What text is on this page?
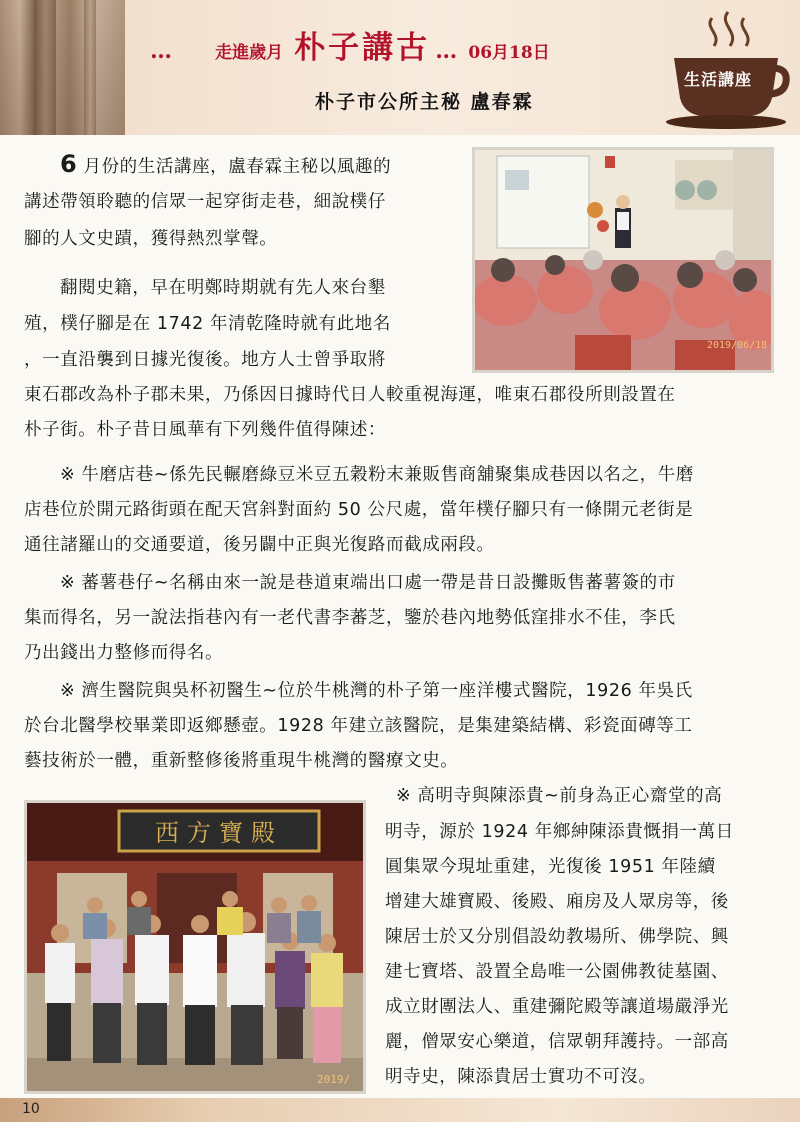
… 走進歲月 朴子講古 … 06月18日
朴子市公所主秘 盧春霖
生活講座
2019/06/18

6 月份的生活講座，盧春霖主秘以風趣的

講述帶領聆聽的信眾一起穿街走巷，細說樸仔

腳的人文史蹟，獲得熱烈掌聲。

翻閱史籍，早在明鄭時期就有先人來台墾

殖，樸仔腳是在 1742 年清乾隆時就有此地名

，一直沿襲到日據光復後。地方人士曾爭取將

東石郡改為朴子郡未果，乃係因日據時代日人較重視海運，唯東石郡役所則設置在

朴子街。朴子昔日風華有下列幾件值得陳述：

※ 牛磨店巷~係先民輾磨綠豆米豆五穀粉末兼販售商舖聚集成巷因以名之，牛磨

店巷位於開元路街頭在配天宮斜對面約 50 公尺處，當年樸仔腳只有一條開元老街是

通往諸羅山的交通要道，後另闢中正與光復路而截成兩段。

※ 蕃薯巷仔~名稱由來一說是巷道東端出口處一帶是昔日設攤販售蕃薯簽的市

集而得名，另一說法指巷內有一老代書李蕃芝，鑒於巷內地勢低窪排水不佳，李氏

乃出錢出力整修而得名。

※ 濟生醫院與吳杯初醫生~位於牛桃灣的朴子第一座洋樓式醫院，1926 年吳氏

於台北醫學校畢業即返鄉懸壺。1928 年建立該醫院，是集建築結構、彩瓷面磚等工

藝技術於一體，重新整修後將重現牛桃灣的醫療文史。

※ 高明寺與陳添貴~前身為正心齋堂的高

明寺，源於 1924 年鄉紳陳添貴慨捐一萬日

圓集眾今現址重建，光復後 1951 年陸續

增建大雄寶殿、後殿、廂房及人眾房等，後

陳居士於又分別倡設幼教場所、佛學院、興

建七寶塔、設置全島唯一公園佛教徒墓園、

成立財團法人、重建彌陀殿等讓道場嚴淨光

麗，僧眾安心樂道，信眾朝拜護持。一部高

明寺史，陳添貴居士實功不可沒。

西方寶殿
2019/
10
